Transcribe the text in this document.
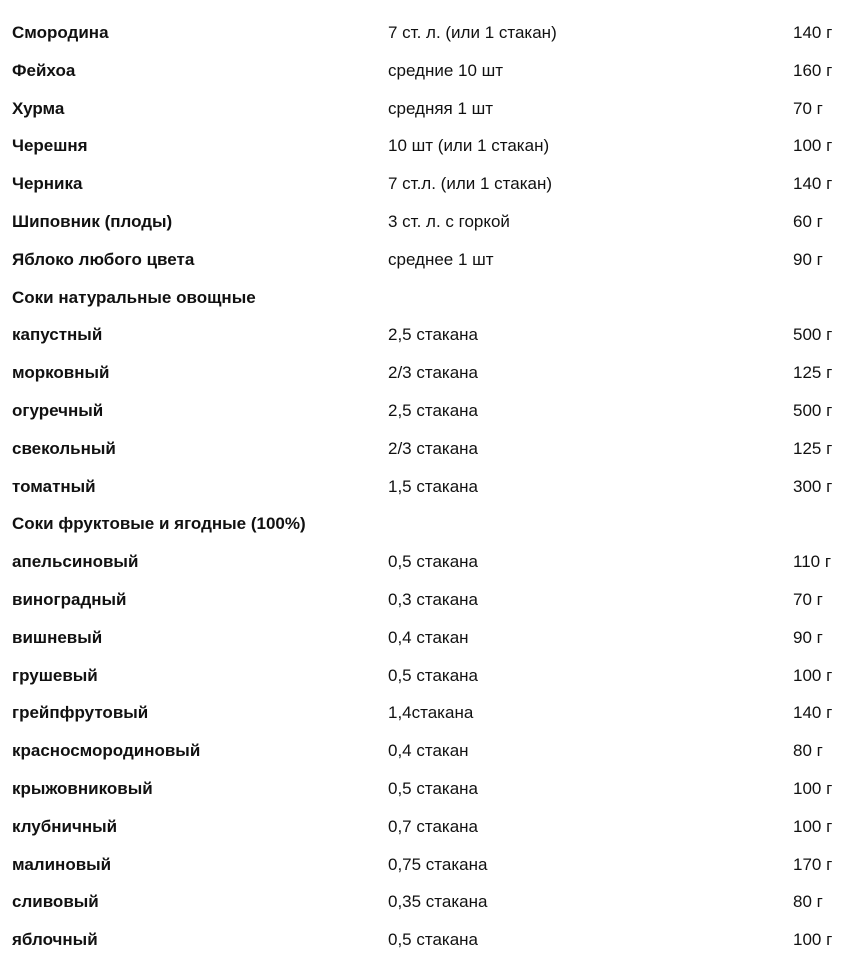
Смородина	7 ст. л. (или 1 стакан)	140 г
Фейхоа	средние 10 шт	160 г
Хурма	средняя 1 шт	70 г
Черешня	10 шт (или 1 стакан)	100 г
Черника	7 ст.л. (или 1 стакан)	140 г
Шиповник (плоды)	3 ст. л. с горкой	60 г
Яблоко любого цвета	среднее 1 шт	90 г
Соки натуральные овощные
капустный	2,5 стакана	500 г
морковный	2/3 стакана	125 г
огуречный	2,5 стакана	500 г
свекольный	2/3 стакана	125 г
томатный	1,5 стакана	300 г
Соки фруктовые и ягодные (100%)
апельсиновый	0,5 стакана	110 г
виноградный	0,3 стакана	70 г
вишневый	0,4 стакан	90 г
грушевый	0,5 стакана	100 г
грейпфрутовый	1,4стакана	140 г
красносмородиновый	0,4 стакан	80 г
крыжовниковый	0,5 стакана	100 г
клубничный	0,7 стакана	100 г
малиновый	0,75 стакана	170 г
сливовый	0,35 стакана	80 г
яблочный	0,5 стакана	100 г
